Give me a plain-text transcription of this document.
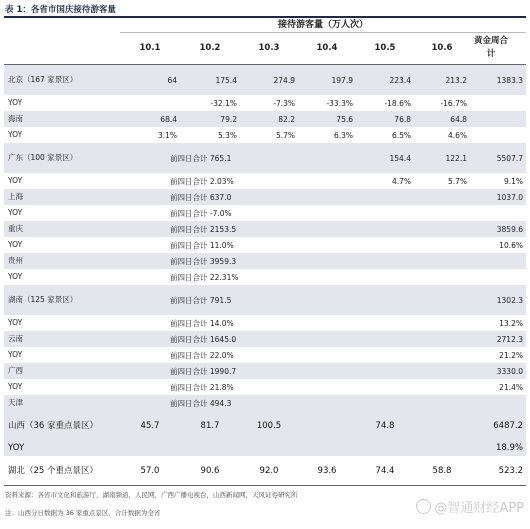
表 1：各省市国庆接待游客量
接待游客量（万人次）
10.1	10.2	10.3	10.4	10.5	10.6
黄金周合计
北京（167 家景区）	64	175.4	274.9	197.9	223.4	213.2	1383.3
YOY		-32.1%	-7.3%	-33.3%	-18.6%	-16.7%	
海南	68.4	79.2	82.2	75.6	76.8	64.8	
YOY	3.1%	5.3%	5.7%	6.3%	6.5%	4.6%	
广东（100 家景区）	前四日合计 765.1				154.4	122.1	5507.7
YOY	前四日合计 2.03%				4.7%	5.7%	9.1%
上海	前四日合计 637.0						1037.0
YOY	前四日合计 -7.0%						
重庆	前四日合计 2153.5						3859.6
YOY	前四日合计 11.0%						10.6%
贵州	前四日合计 3959.3						
YOY	前四日合计 22.31%						
湖南（125 家景区）	前四日合计 791.5						1302.3
YOY	前四日合计 14.0%						13.2%
云南	前四日合计 1645.0						2712.3
YOY	前四日合计 22.0%						21.2%
广西	前四日合计 1990.7						3330.0
YOY	前四日合计 21.8%						21.4%
天津	前四日合计 494.3						
山西（36 家重点景区）	45.7	81.7	100.5		74.8		6487.2
YOY							18.9%
湖北（25 个重点景区）	57.0	90.6	92.0	93.6	74.4	58.8	523.2
资料来源：各省市文化和旅游厅，湖南频道，人民网，广西广播电视台，山西新闻网，天风证券研究所
注：山西分日数据为 36 家重点景区，合计数据为全省	@智通财经APP
